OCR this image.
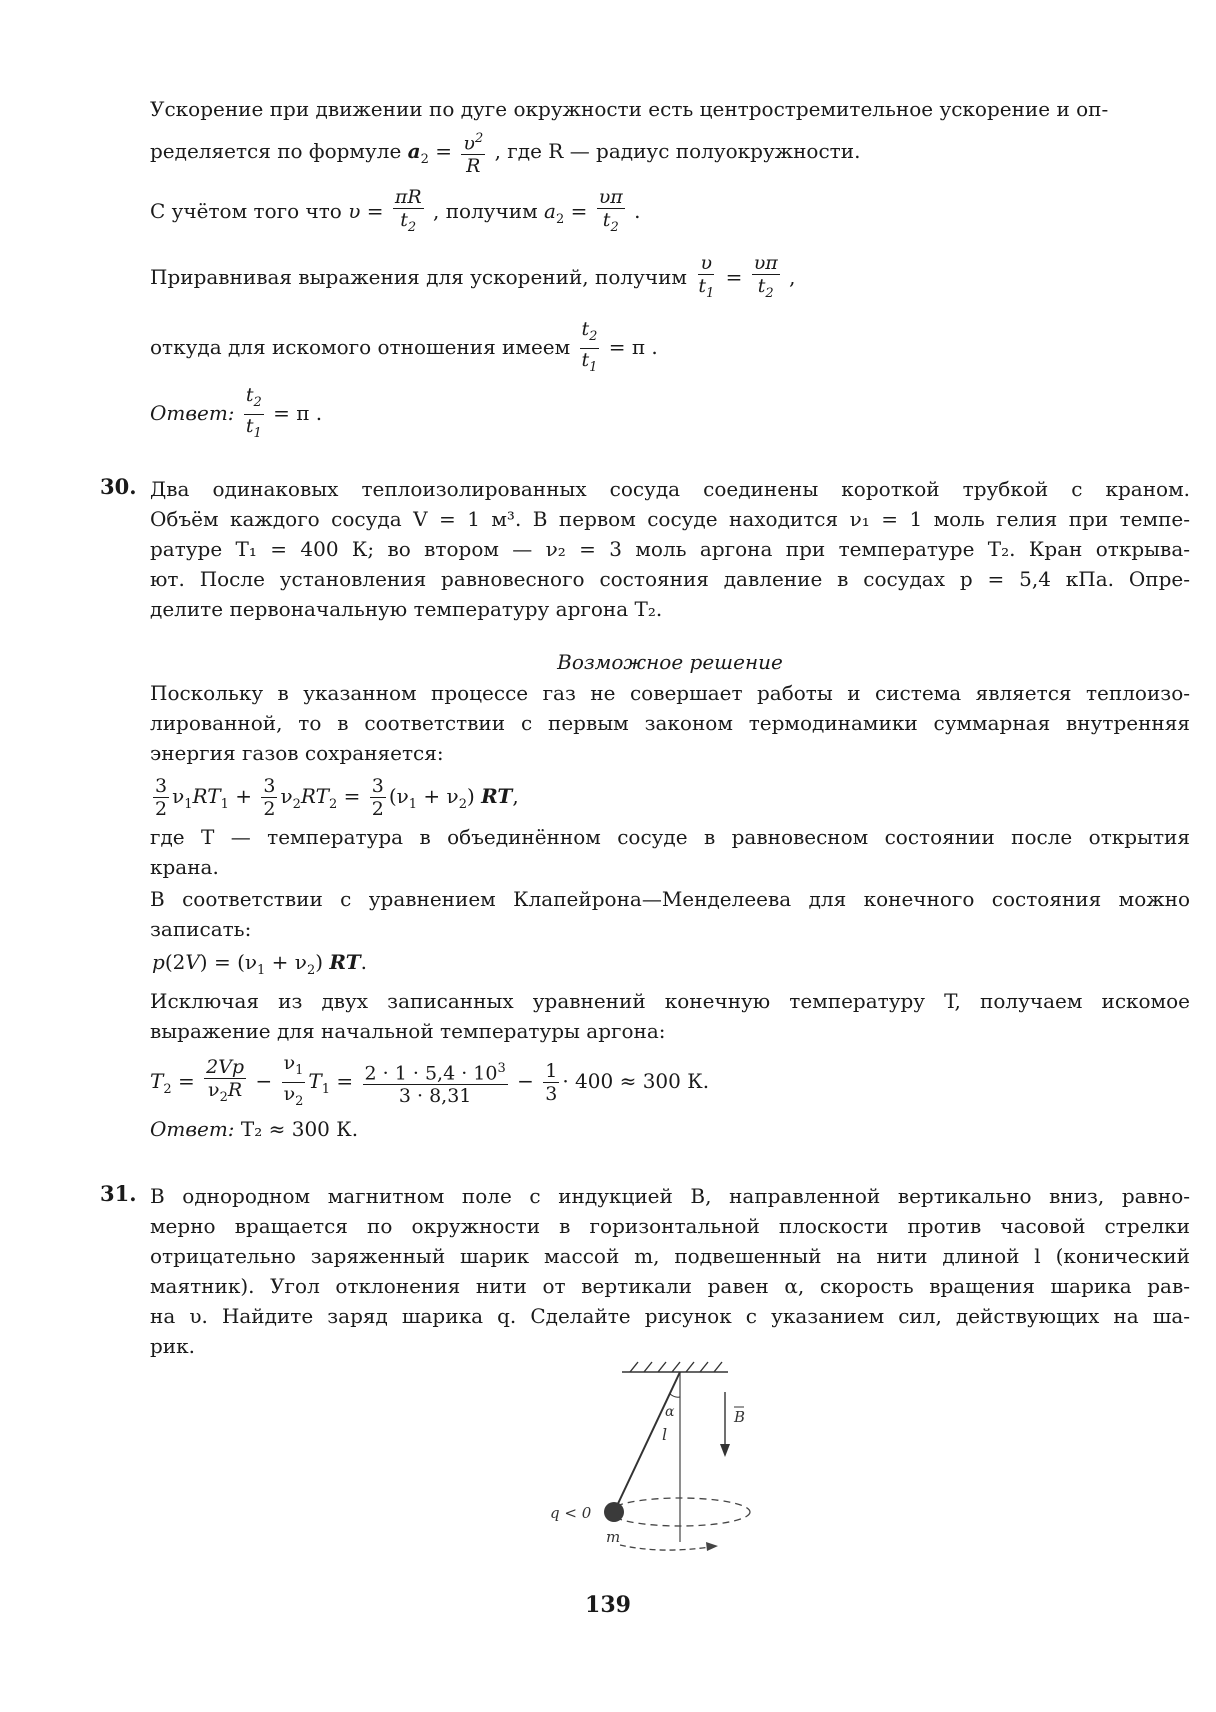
Ускорение при движении по дуге окружности есть центростремительное ускорение и оп-
ределяется по формуле $a_2 = \frac{\upsilon^2}{R}$ , где R — радиус полуокружности.
С учётом того что $\upsilon = \frac{\pi R}{t_2}$ , получим $a_2 = \frac{\upsilon\pi}{t_2}$ .
Приравнивая выражения для ускорений, получим $\frac{\upsilon}{t_1} = \frac{\upsilon\pi}{t_2}$ ,
откуда для искомого отношения имеем $\frac{t_2}{t_1} = \pi$ .
Ответ: $\frac{t_2}{t_1} = \pi$ .
30. Два одинаковых теплоизолированных сосуда соединены короткой трубкой с краном.
Объём каждого сосуда V = 1 м³. В первом сосуде находится ν₁ = 1 моль гелия при темпе-
ратуре T₁ = 400 К; во втором — ν₂ = 3 моль аргона при температуре T₂. Кран открыва-
ют. После установления равновесного состояния давление в сосудах p = 5,4 кПа. Опре-
делите первоначальную температуру аргона T₂.
Возможное решение
Поскольку в указанном процессе газ не совершает работы и система является теплоизо-
лированной, то в соответствии с первым законом термодинамики суммарная внутренняя
энергия газов сохраняется:
$\frac{3}{2} \nu_1RT_1 + \frac{3}{2} \nu_2RT_2 = \frac{3}{2} (\nu_1 + \nu_2)$ RT,
где T — температура в объединённом сосуде в равновесном состоянии после открытия
крана.
В соответствии с уравнением Клапейрона—Менделеева для конечного состояния можно
записать:
$p(2V) = (\nu_1 + \nu_2)$ RT.
Исключая из двух записанных уравнений конечную температуру T, получаем искомое
выражение для начальной температуры аргона:
$T_2 = \frac{2Vp}{\nu_2R} - \frac{\nu_1}{\nu_2} T_1 = \frac{2 \cdot 1 \cdot 5,4 \cdot 10^3}{3 \cdot 8,31} - \frac{1}{3} \cdot 400 \approx 300$ К.
Ответ: T₂ ≈ 300 К.
31. В однородном магнитном поле с индукцией B, направленной вертикально вниз, равно-
мерно вращается по окружности в горизонтальной плоскости против часовой стрелки
отрицательно заряженный шарик массой m, подвешенный на нити длиной l (конический
маятник). Угол отклонения нити от вертикали равен α, скорость вращения шарика рав-
на υ. Найдите заряд шарика q. Сделайте рисунок с указанием сил, действующих на ша-
рик.
l
α	B
q < 0
m
139
